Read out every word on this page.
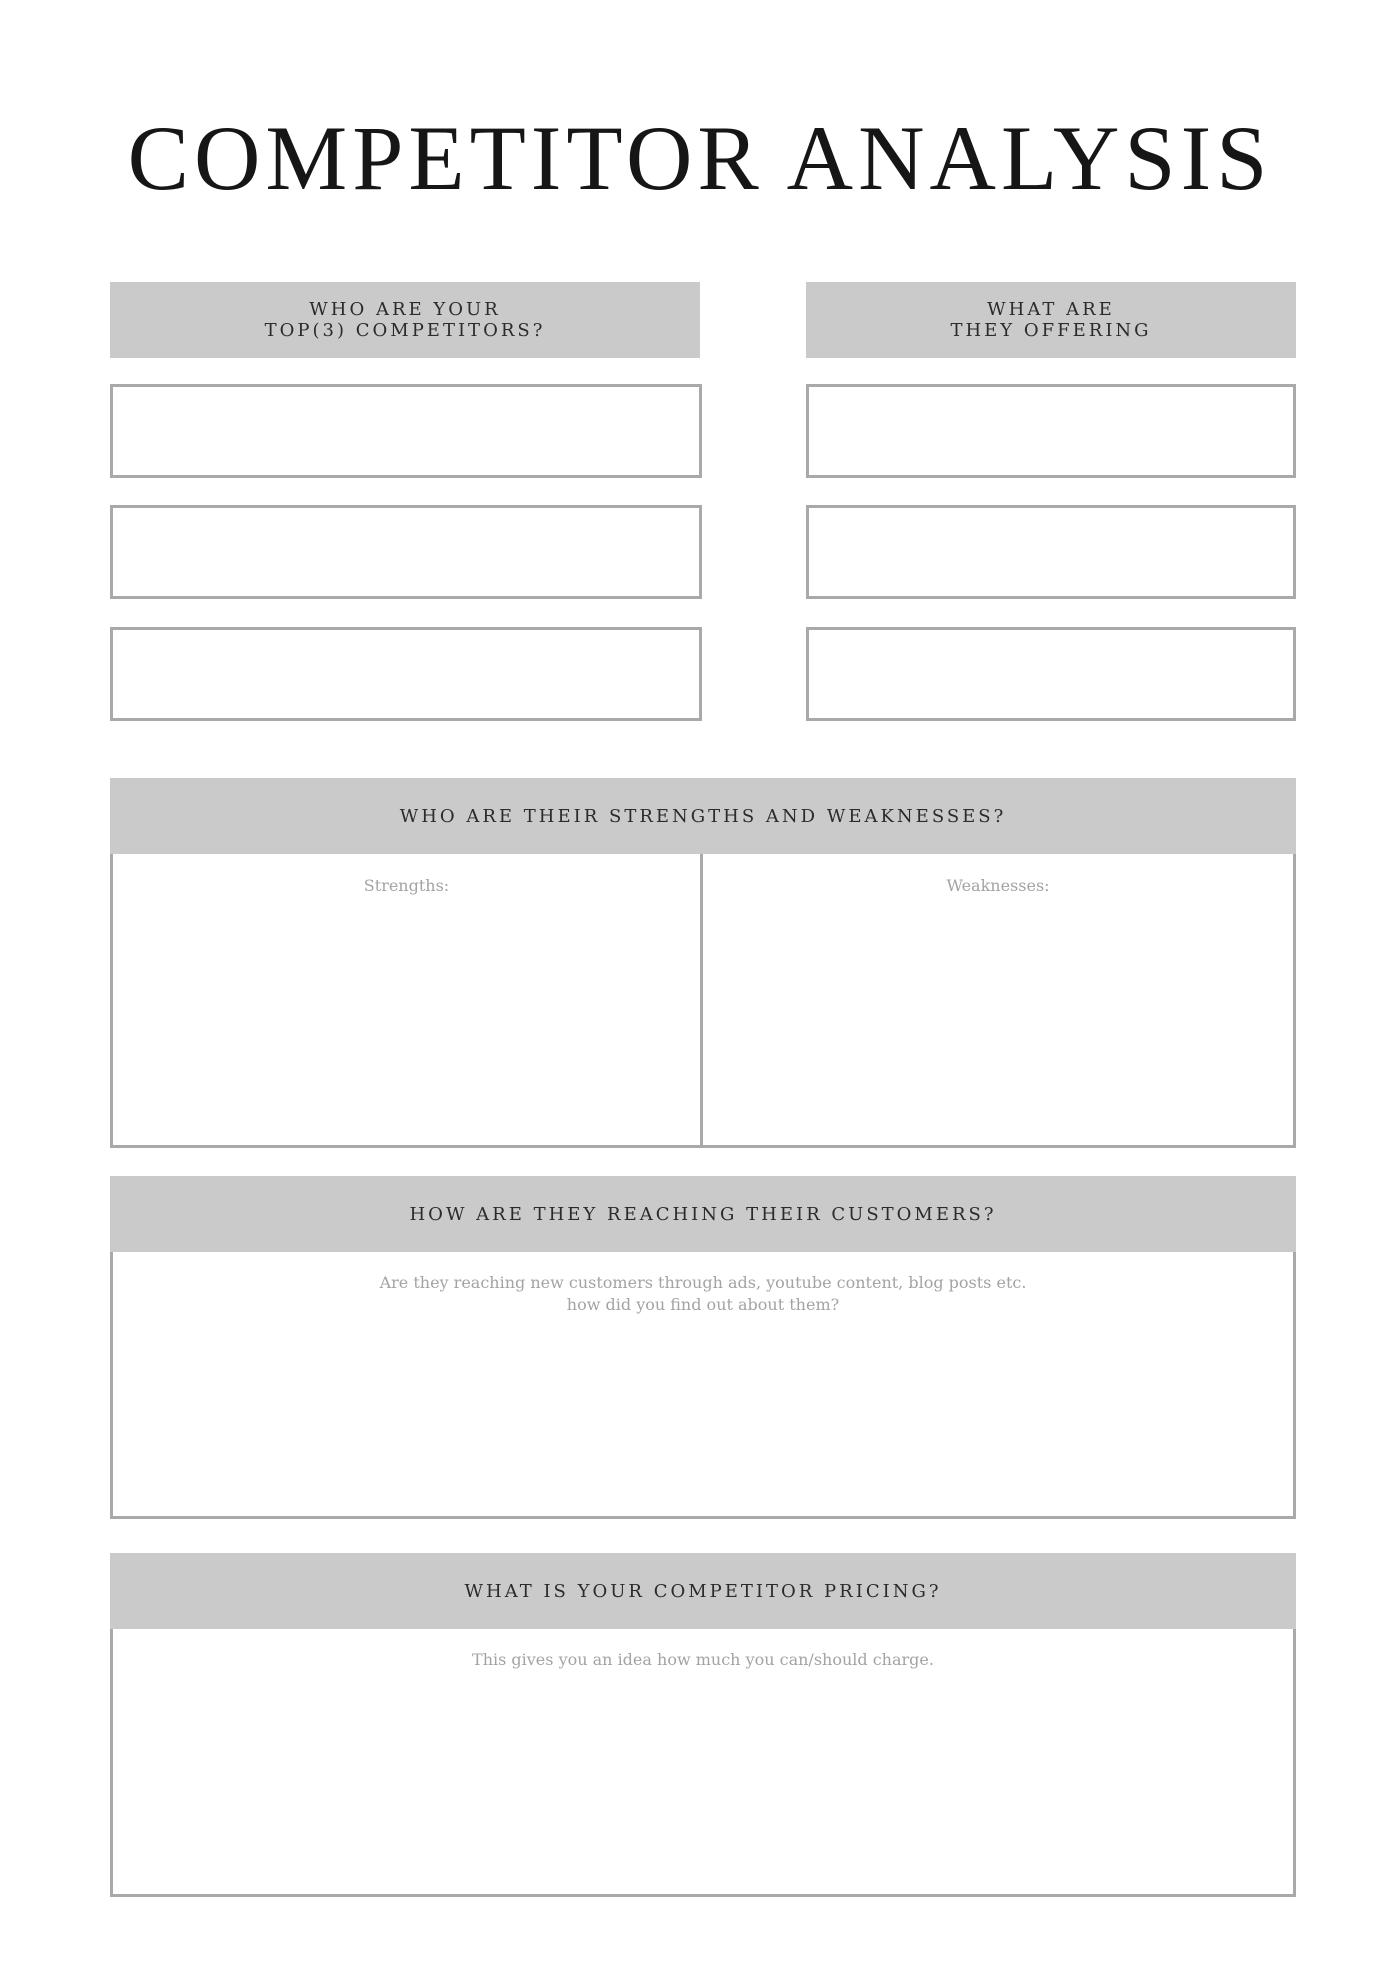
COMPETITOR ANALYSIS
WHO ARE YOUR
TOP(3) COMPETITORS?
WHAT ARE
THEY OFFERING
WHO ARE THEIR STRENGTHS AND WEAKNESSES?
Strengths:	Weaknesses:
HOW ARE THEY REACHING THEIR CUSTOMERS?
Are they reaching new customers through ads, youtube content, blog posts etc.
how did you find out about them?
WHAT IS YOUR COMPETITOR PRICING?
This gives you an idea how much you can/should charge.
